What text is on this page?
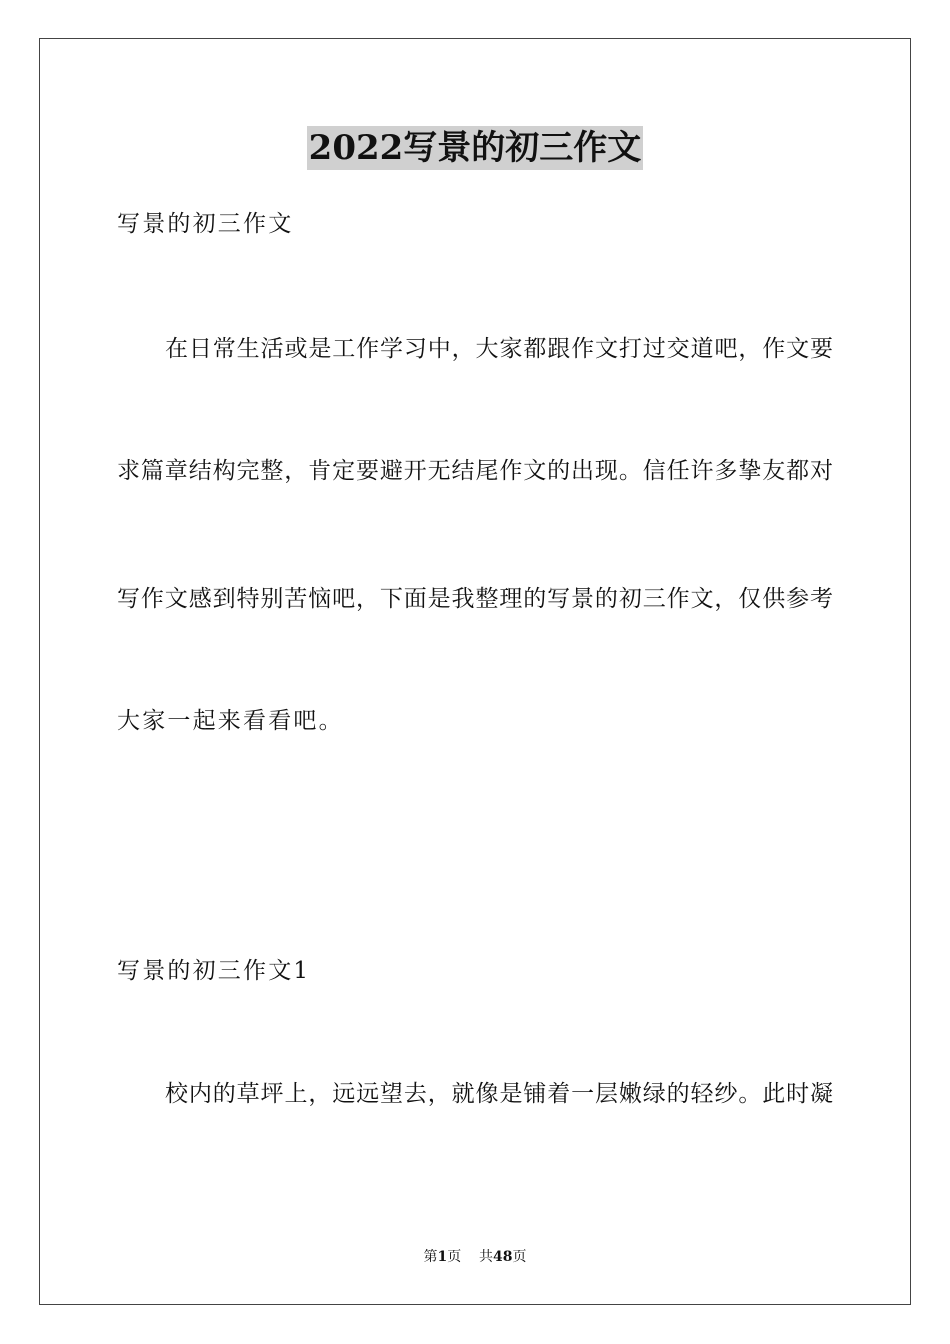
2022写景的初三作文
写景的初三作文
在日常生活或是工作学习中，大家都跟作文打过交道吧，作文要
求篇章结构完整，肯定要避开无结尾作文的出现。信任许多挚友都对
写作文感到特别苦恼吧，下面是我整理的写景的初三作文，仅供参考
大家一起来看看吧。
写景的初三作文1
校内的草坪上，远远望去，就像是铺着一层嫩绿的轻纱。此时凝
第1页 共48页
